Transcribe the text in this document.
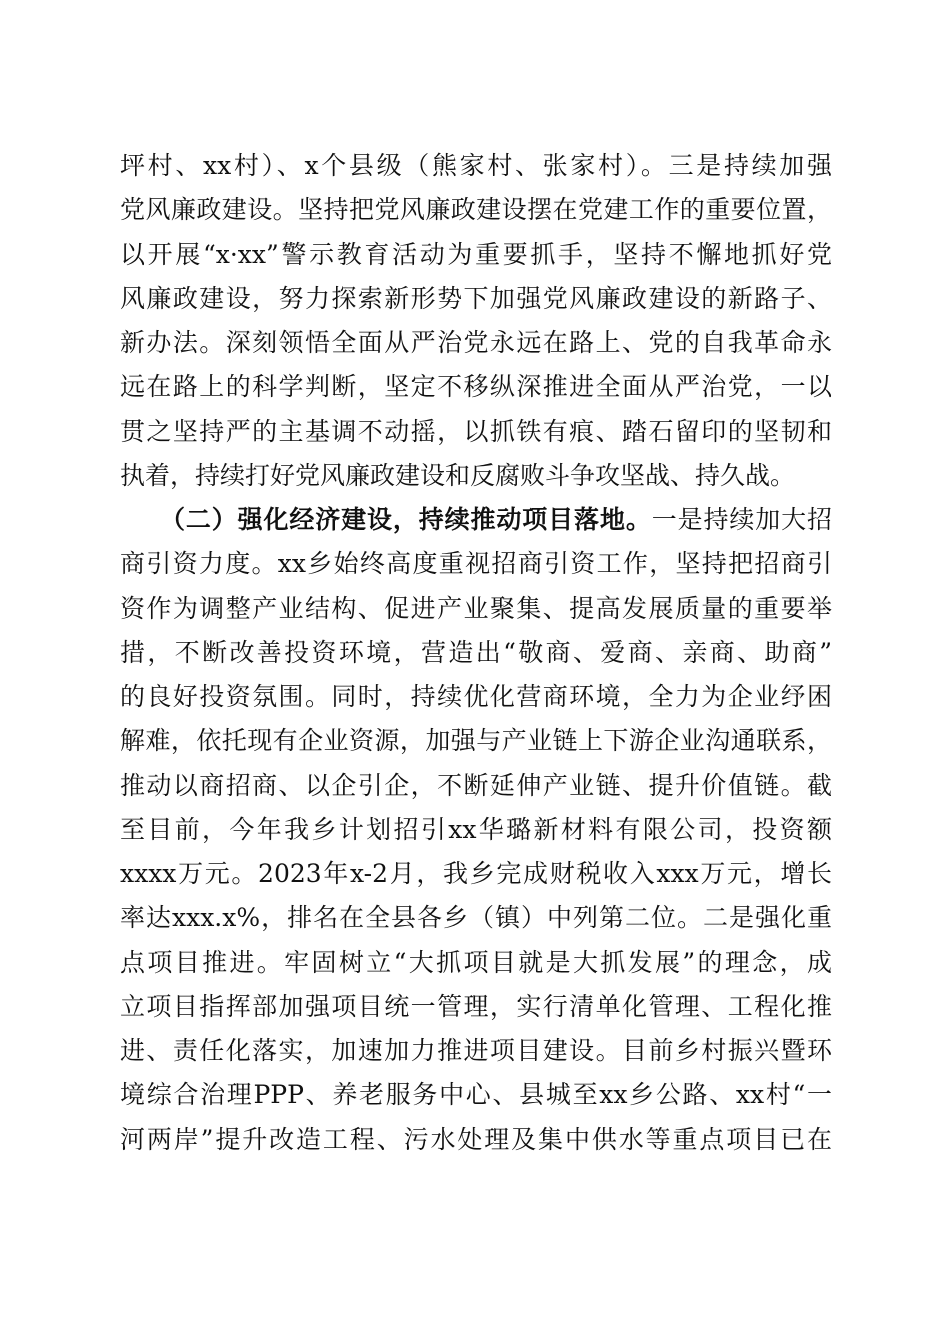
坪村、xx村）、x个县级（熊家村、张家村）。三是持续加强
党风廉政建设。坚持把党风廉政建设摆在党建工作的重要位置，
以开展“x·xx”警示教育活动为重要抓手，坚持不懈地抓好党
风廉政建设，努力探索新形势下加强党风廉政建设的新路子、
新办法。深刻领悟全面从严治党永远在路上、党的自我革命永
远在路上的科学判断，坚定不移纵深推进全面从严治党，一以
贯之坚持严的主基调不动摇，以抓铁有痕、踏石留印的坚韧和
执着，持续打好党风廉政建设和反腐败斗争攻坚战、持久战。
（二）强化经济建设，持续推动项目落地。一是持续加大招
商引资力度。xx乡始终高度重视招商引资工作，坚持把招商引
资作为调整产业结构、促进产业聚集、提高发展质量的重要举
措，不断改善投资环境，营造出“敬商、爱商、亲商、助商”
的良好投资氛围。同时，持续优化营商环境，全力为企业纾困
解难，依托现有企业资源，加强与产业链上下游企业沟通联系，
推动以商招商、以企引企，不断延伸产业链、提升价值链。截
至目前，今年我乡计划招引xx华璐新材料有限公司，投资额
xxxx万元。2023年x-2月，我乡完成财税收入xxx万元，增长
率达xxx.x%，排名在全县各乡（镇）中列第二位。二是强化重
点项目推进。牢固树立“大抓项目就是大抓发展”的理念，成
立项目指挥部加强项目统一管理，实行清单化管理、工程化推
进、责任化落实，加速加力推进项目建设。目前乡村振兴暨环
境综合治理PPP、养老服务中心、县城至xx乡公路、xx村“一
河两岸”提升改造工程、污水处理及集中供水等重点项目已在
